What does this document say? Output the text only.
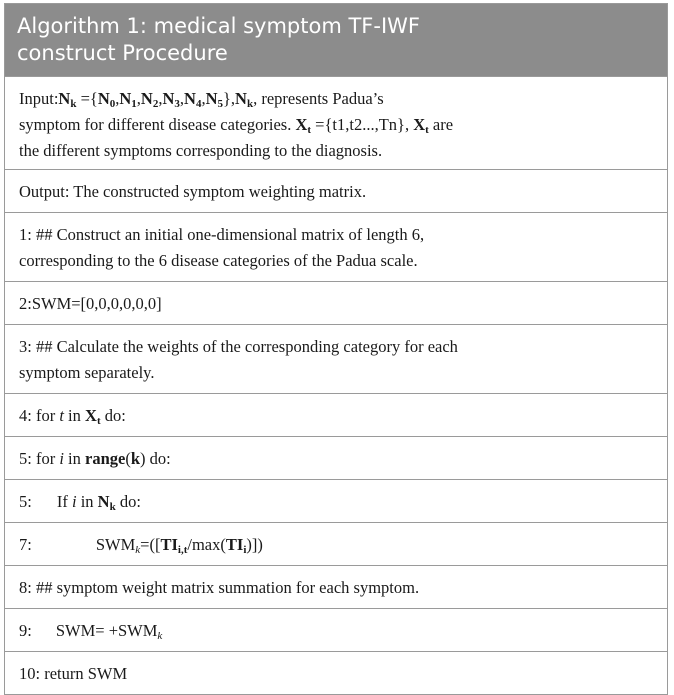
Algorithm 1: medical symptom TF-IWF
construct Procedure
$Input:N_k =\{N_0,N_1,N_2,N_3,N_4,N_5\},N_k$, represents Padua’s
symptom for different disease categories. $X_t =\{t1,t2...,Tn\}$, $X_t$ are
the different symptoms corresponding to the diagnosis.
Output: The constructed symptom weighting matrix.
1: ## Construct an initial one-dimensional matrix of length 6,
corresponding to the 6 disease categories of the Padua scale.
2:SWM=[0,0,0,0,0,0]
3: ## Calculate the weights of the corresponding category for each
symptom separately.
4: for t in $X_t$ do:
5: for i in range(k) do:
5: If i in $N_k$ do:
7:	$SWM_k=([TI_{i,t}/\max(TI_i)])$
8: ## symptom weight matrix summation for each symptom.
9: $SWM= +SWM_k$
10: return SWM
